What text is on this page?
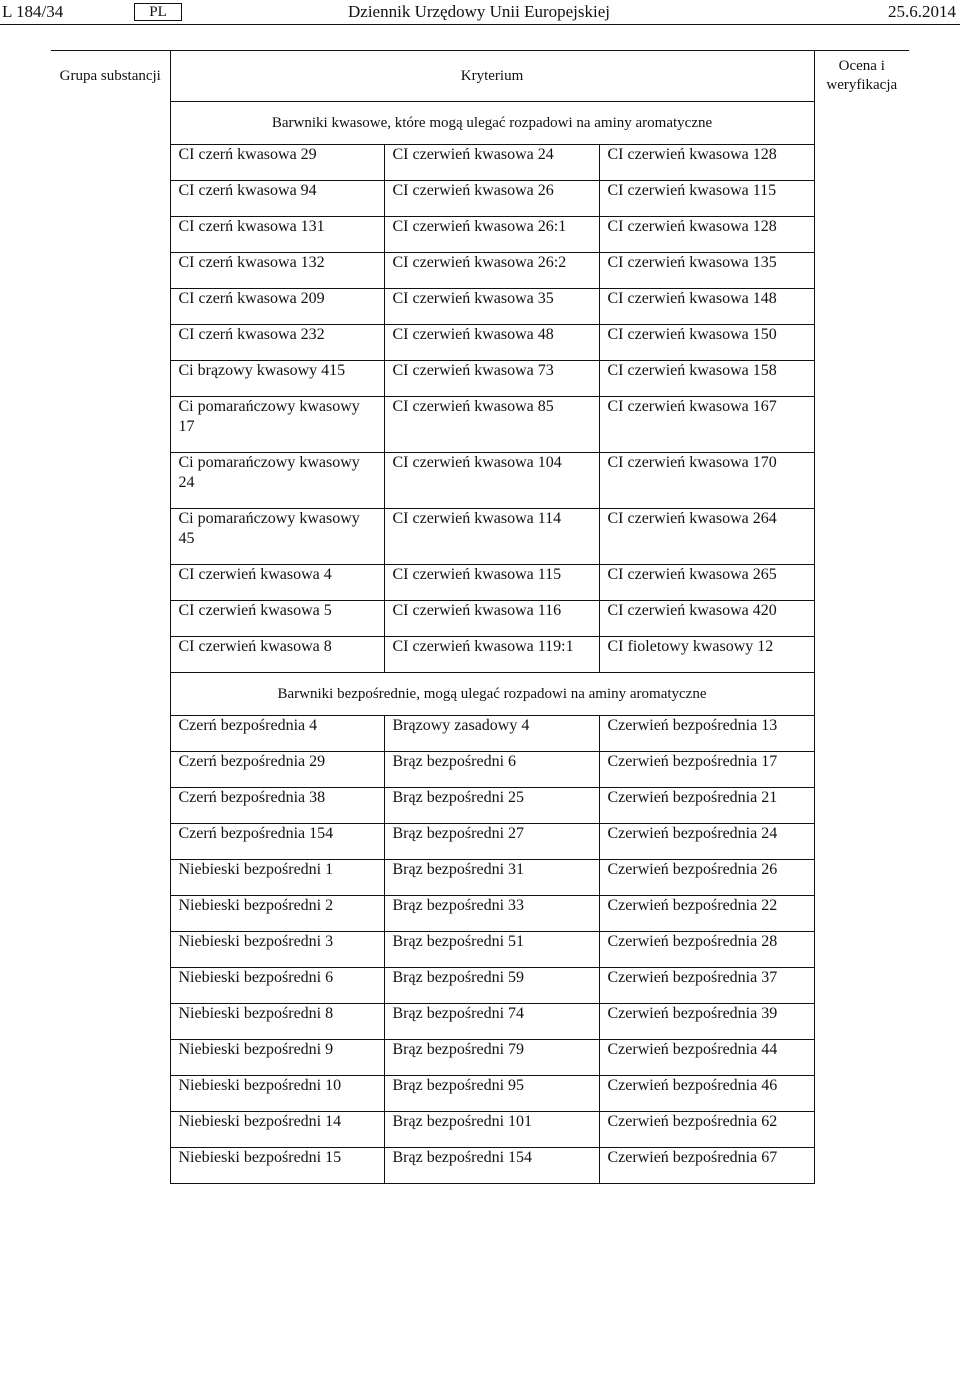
L 184/34	PL	Dziennik Urzędowy Unii Europejskiej	25.6.2014
Grupa substancji	Kryterium			Ocena i weryfikacja
	Barwniki kwasowe, które mogą ulegać rozpadowi na aminy aromatyczne			
	CI czerń kwasowa 29	CI czerwień kwasowa 24	CI czerwień kwasowa 128	
	CI czerń kwasowa 94	CI czerwień kwasowa 26	CI czerwień kwasowa 115	
	CI czerń kwasowa 131	CI czerwień kwasowa 26:1	CI czerwień kwasowa 128	
	CI czerń kwasowa 132	CI czerwień kwasowa 26:2	CI czerwień kwasowa 135	
	CI czerń kwasowa 209	CI czerwień kwasowa 35	CI czerwień kwasowa 148	
	CI czerń kwasowa 232	CI czerwień kwasowa 48	CI czerwień kwasowa 150	
	Ci brązowy kwasowy 415	CI czerwień kwasowa 73	CI czerwień kwasowa 158	
	Ci pomarańczowy kwasowy 17	CI czerwień kwasowa 85	CI czerwień kwasowa 167	
	Ci pomarańczowy kwasowy 24	CI czerwień kwasowa 104	CI czerwień kwasowa 170	
	Ci pomarańczowy kwasowy 45	CI czerwień kwasowa 114	CI czerwień kwasowa 264	
	CI czerwień kwasowa 4	CI czerwień kwasowa 115	CI czerwień kwasowa 265	
	CI czerwień kwasowa 5	CI czerwień kwasowa 116	CI czerwień kwasowa 420	
	CI czerwień kwasowa 8	CI czerwień kwasowa 119:1	CI fioletowy kwasowy 12	
	Barwniki bezpośrednie, mogą ulegać rozpadowi na aminy aromatyczne			
	Czerń bezpośrednia 4	Brązowy zasadowy 4	Czerwień bezpośrednia 13	
	Czerń bezpośrednia 29	Brąz bezpośredni 6	Czerwień bezpośrednia 17	
	Czerń bezpośrednia 38	Brąz bezpośredni 25	Czerwień bezpośrednia 21	
	Czerń bezpośrednia 154	Brąz bezpośredni 27	Czerwień bezpośrednia 24	
	Niebieski bezpośredni 1	Brąz bezpośredni 31	Czerwień bezpośrednia 26	
	Niebieski bezpośredni 2	Brąz bezpośredni 33	Czerwień bezpośrednia 22	
	Niebieski bezpośredni 3	Brąz bezpośredni 51	Czerwień bezpośrednia 28	
	Niebieski bezpośredni 6	Brąz bezpośredni 59	Czerwień bezpośrednia 37	
	Niebieski bezpośredni 8	Brąz bezpośredni 74	Czerwień bezpośrednia 39	
	Niebieski bezpośredni 9	Brąz bezpośredni 79	Czerwień bezpośrednia 44	
	Niebieski bezpośredni 10	Brąz bezpośredni 95	Czerwień bezpośrednia 46	
	Niebieski bezpośredni 14	Brąz bezpośredni 101	Czerwień bezpośrednia 62	
	Niebieski bezpośredni 15	Brąz bezpośredni 154	Czerwień bezpośrednia 67	
